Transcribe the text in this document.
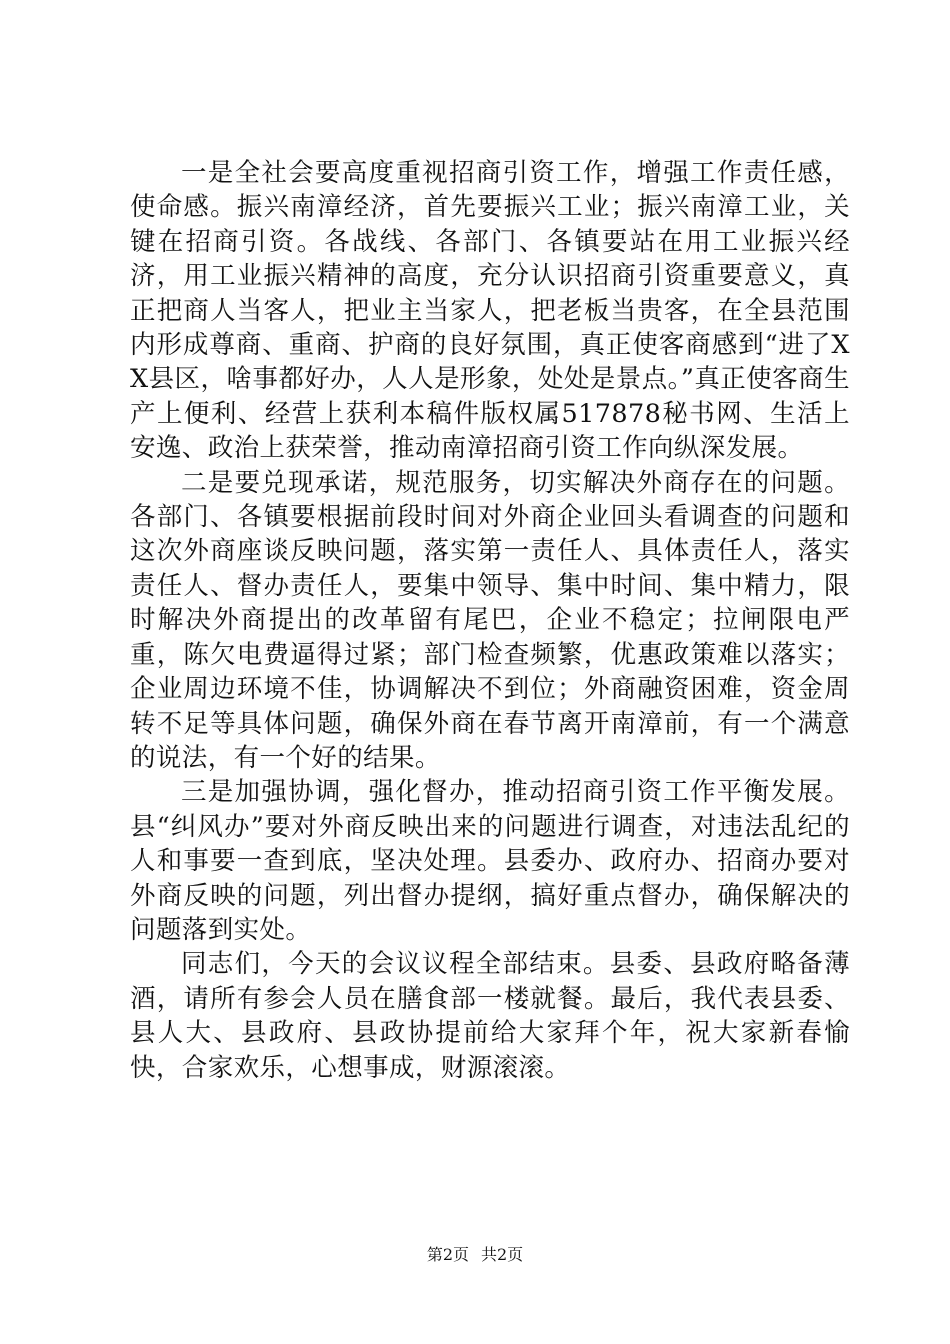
一是全社会要高度重视招商引资工作，增强工作责任感，使命感。振兴南漳经济，首先要振兴工业；振兴南漳工业，关键在招商引资。各战线、各部门、各镇要站在用工业振兴经济，用工业振兴精神的高度，充分认识招商引资重要意义，真正把商人当客人，把业主当家人，把老板当贵客，在全县范围内形成尊商、重商、护商的良好氛围，真正使客商感到“进了XX县区，啥事都好办，人人是形象，处处是景点。”真正使客商生产上便利、经营上获利本稿件版权属517878秘书网、生活上安逸、政治上获荣誉，推动南漳招商引资工作向纵深发展。

二是要兑现承诺，规范服务，切实解决外商存在的问题。各部门、各镇要根据前段时间对外商企业回头看调查的问题和这次外商座谈反映问题，落实第一责任人、具体责任人，落实责任人、督办责任人，要集中领导、集中时间、集中精力，限时解决外商提出的改革留有尾巴，企业不稳定；拉闸限电严重，陈欠电费逼得过紧；部门检查频繁，优惠政策难以落实；企业周边环境不佳，协调解决不到位；外商融资困难，资金周转不足等具体问题，确保外商在春节离开南漳前，有一个满意的说法，有一个好的结果。

三是加强协调，强化督办，推动招商引资工作平衡发展。县“纠风办”要对外商反映出来的问题进行调查，对违法乱纪的人和事要一查到底，坚决处理。县委办、政府办、招商办要对外商反映的问题，列出督办提纲，搞好重点督办，确保解决的问题落到实处。

同志们，今天的会议议程全部结束。县委、县政府略备薄酒，请所有参会人员在膳食部一楼就餐。最后，我代表县委、县人大、县政府、县政协提前给大家拜个年，祝大家新春愉快，合家欢乐，心想事成，财源滚滚。

第2页 共2页
